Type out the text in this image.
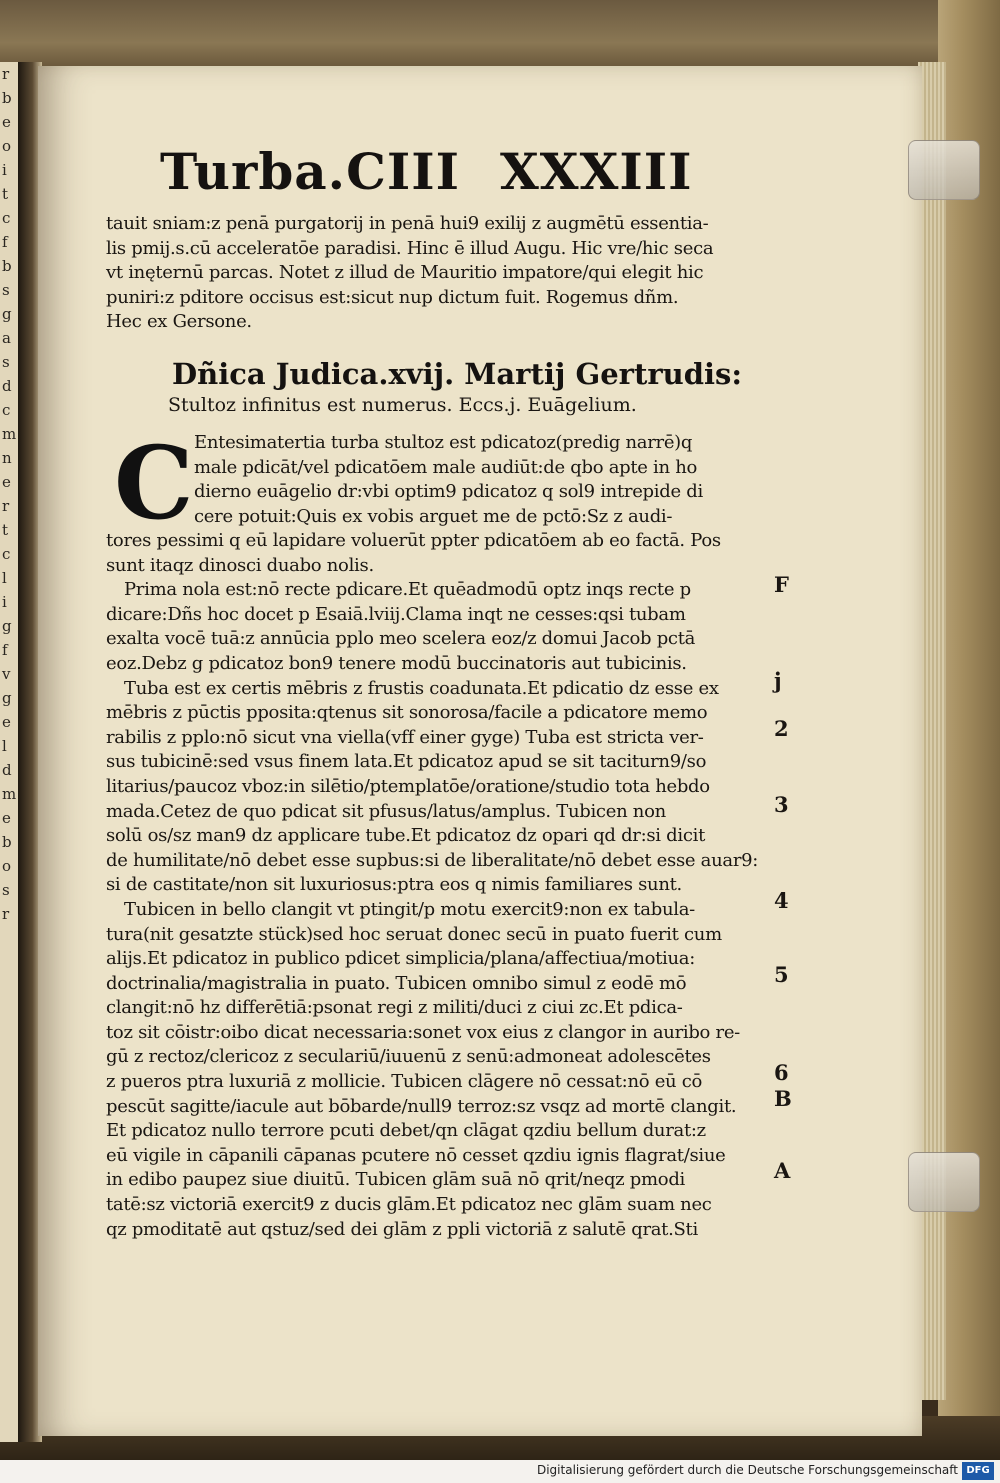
r
b
e
o
i
t
c
f
b
s
g
a
s
d
c
m
n
e
r
t
c
l
i
g
f
v
g
e
l
d
m
e
b
o
s
r
Turba.CIII XXXIII
tauit sniam:z penā purgatorij in penā hui9 exilij z augmētū essentia-
lis pmij.s.cū acceleratōe paradisi. Hinc ē illud Augu. Hic vre/hic seca
vt inęternū parcas. Notet z illud de Mauritio impatore/qui elegit hic
puniri:z pditore occisus est:sicut nup dictum fuit. Rogemus dñm.
Hec ex Gersone.
Dñica Judica.xvij. Martij Gertrudis:
Stultoz infinitus est numerus. Eccs.j. Euāgelium.
C Entesimatertia turba stultoz est pdicatoz(predig narrē)q
male pdicāt/vel pdicatōem male audiūt:de qbo apte in ho
dierno euāgelio dr:vbi optim9 pdicatoz q sol9 intrepide di
cere potuit:Quis ex vobis arguet me de pctō:Sz z audi-
tores pessimi q eū lapidare voluerūt ppter pdicatōem ab eo factā. Pos
sunt itaqz dinosci duabo nolis.
Prima nola est:nō recte pdicare.Et quēadmodū optz inqs recte p
dicare:Dñs hoc docet p Esaiā.lviij.Clama inqt ne cesses:qsi tubam
exalta vocē tuā:z annūcia pplo meo scelera eoz/z domui Jacob pctā
eoz.Debz g pdicatoz bon9 tenere modū buccinatoris aut tubicinis.
Tuba est ex certis mēbris z frustis coadunata.Et pdicatio dz esse ex
mēbris z pūctis pposita:qtenus sit sonorosa/facile a pdicatore memo
rabilis z pplo:nō sicut vna viella(vff einer gyge) Tuba est stricta ver-
sus tubicinē:sed vsus finem lata.Et pdicatoz apud se sit taciturn9/so
litarius/paucoz vboz:in silētio/ptemplatōe/oratione/studio tota hebdo
mada.Cetez de quo pdicat sit pfusus/latus/amplus. Tubicen non
solū os/sz man9 dz applicare tube.Et pdicatoz dz opari qd dr:si dicit
de humilitate/nō debet esse supbus:si de liberalitate/nō debet esse auar9:
si de castitate/non sit luxuriosus:ptra eos q nimis familiares sunt.
Tubicen in bello clangit vt ptingit/p motu exercit9:non ex tabula-
tura(nit gesatzte stück)sed hoc seruat donec secū in puato fuerit cum
alijs.Et pdicatoz in publico pdicet simplicia/plana/affectiua/motiua:
doctrinalia/magistralia in puato. Tubicen omnibo simul z eodē mō
clangit:nō hz differētiā:psonat regi z militi/duci z ciui zc.Et pdica-
toz sit cōistr:oibo dicat necessaria:sonet vox eius z clangor in auribo re-
gū z rectoz/clericoz z seculariū/iuuenū z senū:admoneat adolescētes
z pueros ptra luxuriā z mollicie. Tubicen clāgere nō cessat:nō eū cō
pescūt sagitte/iacule aut bōbarde/null9 terroz:sz vsqz ad mortē clangit.
Et pdicatoz nullo terrore pcuti debet/qn clāgat qzdiu bellum durat:z
eū vigile in cāpanili cāpanas pcutere nō cesset qzdiu ignis flagrat/siue
in edibo paupez siue diuitū. Tubicen glām suā nō qrit/neqz pmodi
tatē:sz victoriā exercit9 z ducis glām.Et pdicatoz nec glām suam nec
qz pmoditatē aut qstuz/sed dei glām z ppli victoriā z salutē qrat.Sti
F
j
2
3
4
5
6
B
A
Digitalisierung gefördert durch die Deutsche Forschungsgemeinschaft DFG
